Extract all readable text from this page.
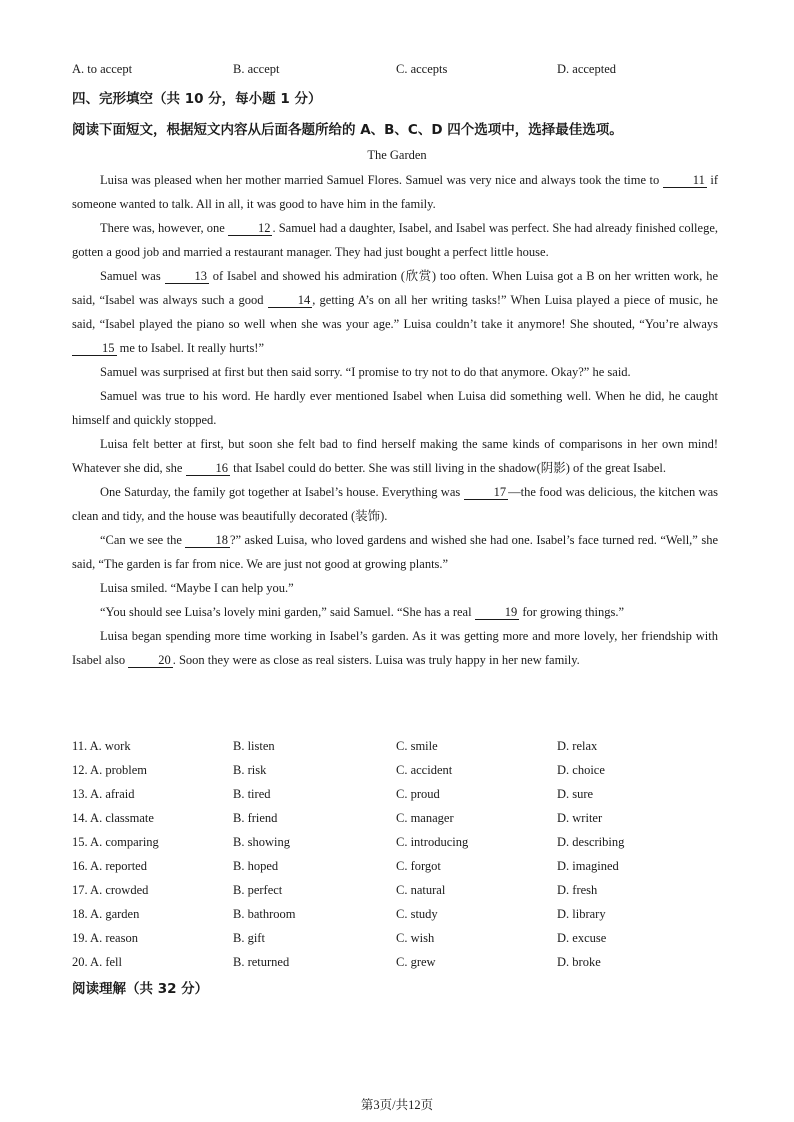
A. to accept	B. accept	C. accepts	D. accepted
四、完形填空（共 10 分，每小题 1 分）
阅读下面短文，根据短文内容从后面各题所给的 A、B、C、D 四个选项中，选择最佳选项。
The Garden

Luisa was pleased when her mother married Samuel Flores. Samuel was very nice and always took the time to 11 if someone wanted to talk. All in all, it was good to have him in the family.

There was, however, one 12 . Samuel had a daughter, Isabel, and Isabel was perfect. She had already finished college, gotten a good job and married a restaurant manager. They had just bought a perfect little house.

Samuel was 13 of Isabel and showed his admiration (欣赏) too often. When Luisa got a B on her written work, he said, “Isabel was always such a good 14 , getting A’s on all her writing tasks!” When Luisa played a piece of music, he said, “Isabel played the piano so well when she was your age.” Luisa couldn’t take it anymore! She shouted, “You’re always 15 me to Isabel. It really hurts!”

Samuel was surprised at first but then said sorry. “I promise to try not to do that anymore. Okay?” he said.

Samuel was true to his word. He hardly ever mentioned Isabel when Luisa did something well. When he did, he caught himself and quickly stopped.

Luisa felt better at first, but soon she felt bad to find herself making the same kinds of comparisons in her own mind! Whatever she did, she 16 that Isabel could do better. She was still living in the shadow(阴影) of the great Isabel.

One Saturday, the family got together at Isabel’s house. Everything was 17 —the food was delicious, the kitchen was clean and tidy, and the house was beautifully decorated (装饰).

“Can we see the 18 ?” asked Luisa, who loved gardens and wished she had one. Isabel’s face turned red. “Well,” she said, “The garden is far from nice. We are just not good at growing plants.”

Luisa smiled. “Maybe I can help you.”

“You should see Luisa’s lovely mini garden,” said Samuel. “She has a real 19 for growing things.”

Luisa began spending more time working in Isabel’s garden. As it was getting more and more lovely, her friendship with Isabel also 20 . Soon they were as close as real sisters. Luisa was truly happy in her new family.

11. A. work	B. listen	C. smile	D. relax
12. A. problem	B. risk	C. accident	D. choice
13. A. afraid	B. tired	C. proud	D. sure
14. A. classmate	B. friend	C. manager	D. writer
15. A. comparing	B. showing	C. introducing	D. describing
16. A. reported	B. hoped	C. forgot	D. imagined
17. A. crowded	B. perfect	C. natural	D. fresh
18. A. garden	B. bathroom	C. study	D. library
19. A. reason	B. gift	C. wish	D. excuse
20. A. fell	B. returned	C. grew	D. broke
阅读理解（共 32 分）
第3页/共12页
